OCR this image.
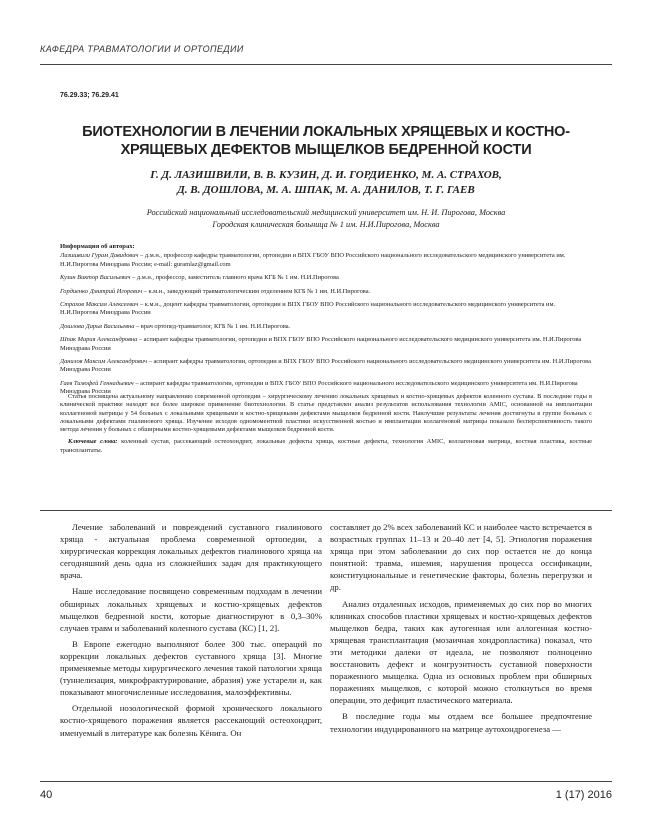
КАФЕДРА ТРАВМАТОЛОГИИ И ОРТОПЕДИИ
76.29.33; 76.29.41
БИОТЕХНОЛОГИИ В ЛЕЧЕНИИ ЛОКАЛЬНЫХ ХРЯЩЕВЫХ И КОСТНО-ХРЯЩЕВЫХ ДЕФЕКТОВ МЫЩЕЛКОВ БЕДРЕННОЙ КОСТИ
Г. Д. ЛАЗИШВИЛИ, В. В. КУЗИН, Д. И. ГОРДИЕНКО, М. А. СТРАХОВ,
Д. В. ДОШЛОВА, М. А. ШПАК, М. А. ДАНИЛОВ, Т. Г. ГАЕВ
Российский национальный исследовательский медицинский университет им. Н. И. Пирогова, Москва
Городская клиническая больница № 1 им. Н.И.Пирогова, Москва
Информация об авторах:

Лазишвили Гурам Давидович – д.м.н., профессор кафедры травматологии, ортопедии и ВПХ ГБОУ ВПО Российского национального исследовательского медицинского университета им. Н.И.Пирогова Минздрава России; e-mail: guramlaz@gmail.com

Кузин Виктор Васильевич – д.м.н., профессор, заместитель главного врача КГБ № 1 им. Н.И.Пирогова

Гордиенко Дмитрий Игоревич – к.м.н., заведующий травматологическим отделением КГБ № 1 им. Н.И.Пирогова.

Страхов Максим Алексеевич – к.м.н., доцент кафедры травматологии, ортопедии и ВПХ ГБОУ ВПО Российского национального исследовательского медицинского университета им. Н.И.Пирогова Минздрава России

Дошлова Дарья Васильевна – врач ортопед-травматолог, КГБ № 1 им. Н.И.Пирогова.

Шпак Мария Александровна – аспирант кафедры травматологии, ортопедии и ВПХ ГБОУ ВПО Российского национального исследовательского медицинского университета им. Н.И.Пирогова Минздрава России

Данилов Максим Александрович – аспирант кафедры травматологии, ортопедии и ВПХ ГБОУ ВПО Российского национального исследовательского медицинского университета им. Н.И.Пирогова Минздрава России

Гаев Тимофей Геннадьевич – аспирант кафедры травматологии, ортопедии и ВПХ ГБОУ ВПО Российского национального исследовательского медицинского университета им. Н.И.Пирогова Минздрава России

Статья посвящена актуальному направлению современной ортопедии – хирургическому лечению локальных хрящевых и костно-хрящевых дефектов коленного сустава. В последние годы в клинической практике находят все более широкое применение биотехнологии. В статье представлен анализ результатов использования технологии AMIC, основанной на имплантации коллагеновой матрицы у 54 больных с локальными хрящевыми и костно-хрящевыми дефектами мыщелков бедренной кости. Наилучшие результаты лечения достигнуты в группе больных с локальными дефектами гиалинового хряща. Изучение исходов одномоментной пластики искусственной костью и имплантации коллагеновой матрицы показало бесперспективность такого метода лечения у больных с обширными костно-хрящевыми дефектами мыщелков бедренной кости.

Ключевые слова: коленный сустав, рассекающий остеохондрит, локальные дефекты хряща, костные дефекты, технология AMIC, коллагеновая матрица, костная пластика, костные трансплантаты.

Лечение заболеваний и повреждений суставного гиалинового хряща - актуальная проблема современной ортопедии, а хирургическая коррекция локальных дефектов гиалинового хряща на сегодняшний день одна из сложнейших задач для практикующего врача.

Наше исследование посвящено современным подходам в лечении обширных локальных хрящевых и костно-хрящевых дефектов мыщелков бедренной кости, которые диагностируют в 0,3–30% случаев травм и заболеваний коленного сустава (КС) [1, 2].

В Европе ежегодно выполняют более 300 тыс. операций по коррекции локальных дефектов суставного хряща [3]. Многие применяемые методы хирургического лечения такой патологии хряща (туннелизация, микрофрактурирование, абразия) уже устарели и, как показывают многочисленные исследования, малоэффективны.

Отдельной нозологической формой хронического локального костно-хрящевого поражения является рассекающий остеохондрит, именуемый в литературе как болезнь Кёнига. Он

составляет до 2% всех заболеваний КС и наиболее часто встречается в возрастных группах 11–13 и 20–40 лет [4, 5]. Этиология поражения хряща при этом заболевании до сих пор остается не до конца понятной: травма, ишемия, нарушения процесса оссификации, конституциональные и генетические факторы, болезнь перегрузки и др.

Анализ отдаленных исходов, применяемых до сих пор во многих клиниках способов пластики хрящевых и костно-хрящевых дефектов мыщелков бедра, таких как аутогенная или аллогенная костно-хрящевая трансплантация (мозаичная хондропластика) показал, что эти методики далеки от идеала, не позволяют полноценно восстановить дефект и конгруэнтность суставной поверхности пораженного мыщелка. Одна из основных проблем при обширных поражениях мыщелков, с которой можно столкнуться во время операции, это дефицит пластического материала.

В последние годы мы отдаем все большее предпочтение технологии индуцированного на матрице аутохондрогенеза —

40	1 (17) 2016
